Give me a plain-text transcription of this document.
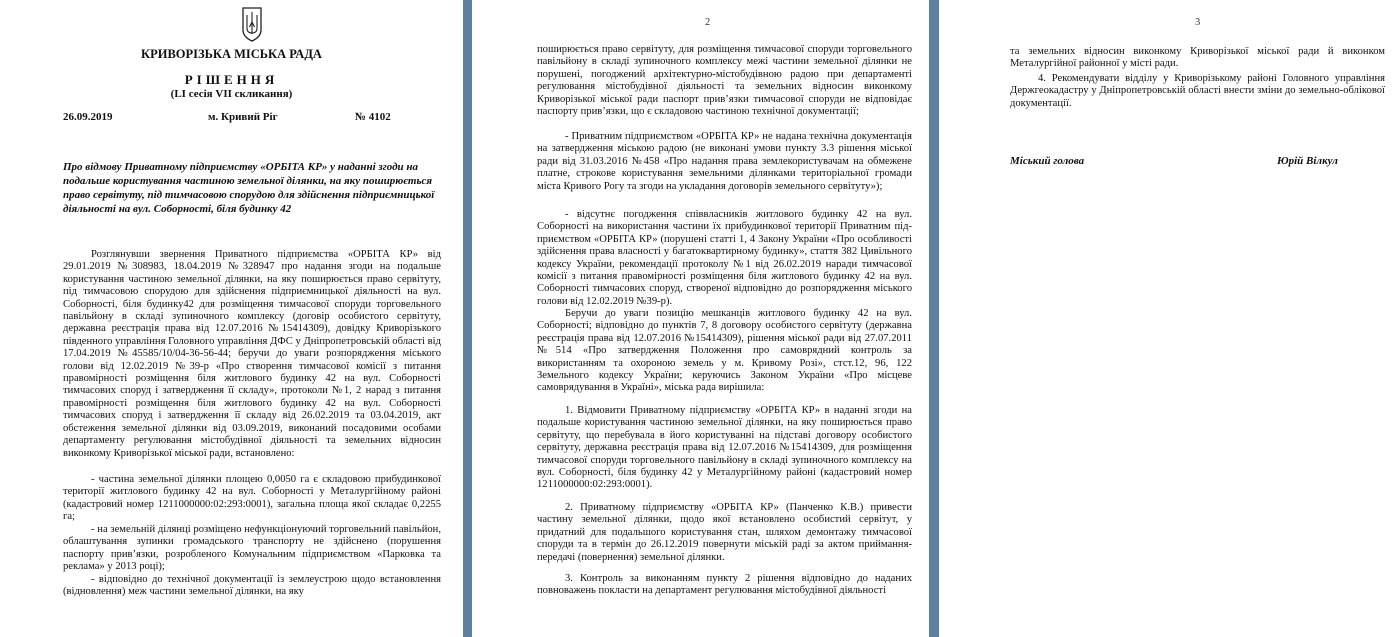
КРИВОРІЗЬКА МІСЬКА РАДА
РІШЕННЯ
(LI сесія VII скликання)
26.09.2019	м. Кривий Ріг	№ 4102

Про відмову Приватному підприємству «ОРБІТА КР» у наданні згоди на подальше користування частиною земельної ділянки, на яку поширюється право сервітуту, під тимчасовою спорудою для здійснення підприємницької діяльності на вул. Соборності, біля будинку 42

Розглянувши звернення Приватного підприємства «ОРБІТА КР» від 29.01.2019 №308983, 18.04.2019 №328947 про надання згоди на подальше користування частиною земельної ділянки, на яку поширюється право сервітуту, під тимчасовою спорудою для здійснення підприємницької діяльності на вул. Соборності, біля будинку42 для розміщення тимчасової споруди торговельного павільйону в складі зупиночного комплексу (договір особистого сервітуту, державна реєстрація права від 12.07.2016 №15414309), довідку Криворізького південного управління Головного управління ДФС у Дніпропетровській області від 17.04.2019 №45585/10/04-36-56-44; беручи до уваги розпорядження міського голови від 12.02.2019 №39-р «Про створення тимчасової комісії з питання правомірності розміщення біля житлового будинку 42 на вул. Соборності тимчасових споруд і затвердження її складу», протоколи №1, 2 нарад з питання правомірності розміщення біля житлового будинку 42 на вул. Соборності тимчасових споруд і затвердження її складу від 26.02.2019 та 03.04.2019, акт обстеження земельної ділянки від 03.09.2019, виконаний посадовими особами департаменту регулювання містобудівної діяльності та земельних відносин виконкому Криворізької міської ради, встановлено:

- частина земельної ділянки площею 0,0050 га є складовою прибудинкової території житлового будинку 42 на вул. Соборності у Металургійному районі (кадастровий номер 1211000000:02:293:0001), загальна площа якої складає 0,2255 га;

- на земельній ділянці розміщено нефункціонуючий торговельний павільйон, облаштування зупинки громадського транспорту не здійснено (порушення паспорту прив’язки, розробленого Комунальним підприємством «Парковка та реклама» у 2013 році);

- відповідно до технічної документації із землеустрою щодо встановлення (відновлення) меж частини земельної ділянки, на яку

2

поширюється право сервітуту, для розміщення тимчасової споруди торговельного павільйону в складі зупиночного комплексу межі частини земельної ділянки не порушені, погоджений архітектурно-містобудівною радою при департаменті регулювання містобудівної діяльності та земельних відносин виконкому Криворізької міської ради паспорт прив’язки тимчасової споруди не відповідає паспорту прив’язки, що є складовою частиною технічної документації;

- Приватним підприємством «ОРБІТА КР» не надана технічна документація на затвердження міською радою (не виконані умови пункту 3.3 рішення міської ради від 31.03.2016 №458 «Про надання права землекористувачам на обмежене платне, строкове користування земельними ділянками територіальної громади міста Кривого Рогу та згоди на укладання договорів земельного сервітуту»);

- відсутнє погодження співвласників житлового будинку 42 на вул. Соборності на використання частини їх прибудинкової території Приватним під- приємством «ОРБІТА КР» (порушені статті 1, 4 Закону України «Про особливості здійснення права власності у багатоквартирному будинку», стаття 382 Цивільного кодексу України, рекомендації протоколу №1 від 26.02.2019 наради тимчасової комісії з питання правомірності розміщення біля житлового будинку 42 на вул. Соборності тимчасових споруд, створеної відповідно до розпорядження міського голови від 12.02.2019 №39-р).

Беручи до уваги позицію мешканців житлового будинку 42 на вул. Соборності; відповідно до пунктів 7, 8 договору особистого сервітуту (державна реєстрація права від 12.07.2016 №15414309), рішення міської ради від 27.07.2011 №514 «Про затвердження Положення про самоврядний контроль за використанням та охороною земель у м. Кривому Розі», стст.12, 96, 122 Земельного кодексу України; керуючись Законом України «Про місцеве самоврядування в Україні», міська рада вирішила:

1. Відмовити Приватному підприємству «ОРБІТА КР» в наданні згоди на подальше користування частиною земельної ділянки, на яку поширюється право сервітуту, що перебувала в його користуванні на підставі договору особистого сервітуту, державна реєстрація права від 12.07.2016 №15414309, для розміщення тимчасової споруди торговельного павільйону в складі зупиночного комплексу на вул. Соборності, біля будинку 42 у Металургійному районі (кадастровий номер 1211000000:02:293:0001).

2. Приватному підприємству «ОРБІТА КР» (Панченко К.В.) привести частину земельної ділянки, щодо якої встановлено особистий сервітут, у придатний для подальшого користування стан, шляхом демонтажу тимчасової споруди та в термін до 26.12.2019 повернути міській раді за актом приймання-передачі (повернення) земельної ділянки.

3. Контроль за виконанням пункту 2 рішення відповідно до наданих повноважень покласти на департамент регулювання містобудівної діяльності

3

та земельних відносин виконкому Криворізької міської ради й виконком Металургійної районної у місті ради.

4. Рекомендувати відділу у Криворізькому районі Головного управління Держгеокадастру у Дніпропетровській області внести зміни до земельно-облікової документації.

Міський голова	Юрій Вілкул
